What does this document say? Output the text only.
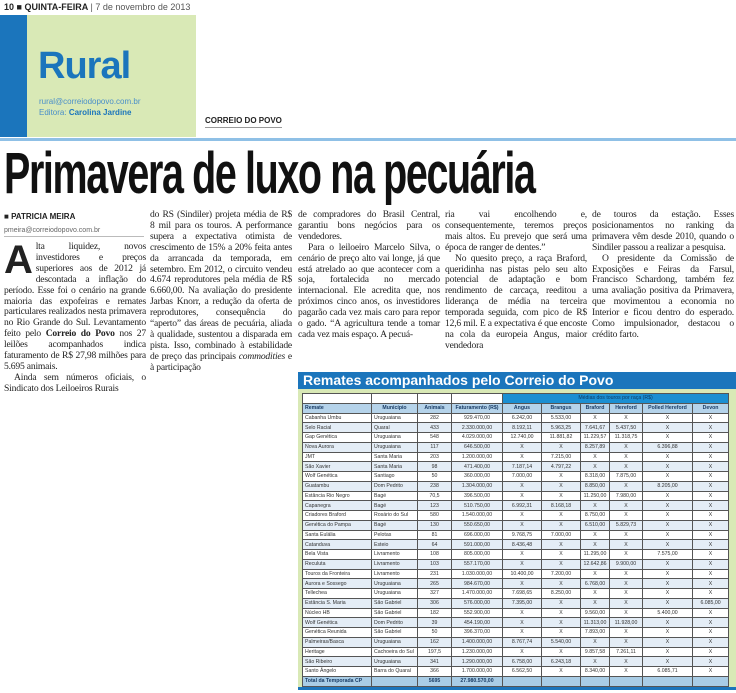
10 ■ QUINTA-FEIRA | 7 de novembro de 2013
Rural
rural@correiodopovo.com.br
Editora: Carolina Jardine
CORREIO DO POVO
Primavera de luxo na pecuária
■ PATRICIA MEIRA
pmeira@correiodopovo.com.br

Alta liquidez, novos investidores e preços superiores aos de 2012 já descontada a inflação do período. Esse foi o cenário na grande maioria das expofeiras e remates particulares realizados nesta primavera no Rio Grande do Sul. Levantamento feito pelo Correio do Povo nos 27 leilões acompanhados indica faturamento de R$ 27,98 milhões para 5.695 animais.

Ainda sem números oficiais, o Sindicato dos Leiloeiros Rurais

do RS (Sindiler) projeta média de R$ 8 mil para os touros. A performance supera a expectativa otimista de crescimento de 15% a 20% feita antes da arrancada da temporada, em setembro. Em 2012, o circuito vendeu 4.674 reprodutores pela média de R$ 6.660,00. Na avaliação do presidente Jarbas Knorr, a redução da oferta de reprodutores, consequência do “aperto” das áreas de pecuária, aliada à qualidade, sustentou a disparada em pista. Isso, combinado à estabilidade de preço das principais commodities e à participação

de compradores do Brasil Central, garantiu bons negócios para os vendedores.

Para o leiloeiro Marcelo Silva, o cenário de preço alto vai longe, já que está atrelado ao que acontecer com a soja, fortalecida no mercado internacional. Ele acredita que, nos próximos cinco anos, os investidores pagarão cada vez mais caro para repor o gado. “A agricultura tende a tomar cada vez mais espaço. A pecuá-

ria vai encolhendo e, consequentemente, teremos preços mais altos. Eu prevejo que será uma época de ranger de dentes.”

No quesito preço, a raça Braford, queridinha nas pistas pelo seu alto potencial de adaptação e bom rendimento de carcaça, reeditou a liderança de média na terceira temporada seguida, com pico de R$ 12,6 mil. E a expectativa é que encoste na cola da europeia Angus, maior vendedora

de touros da estação. Esses posicionamentos no ranking da primavera vêm desde 2010, quando o Sindiler passou a realizar a pesquisa.

O presidente da Comissão de Exposições e Feiras da Farsul, Francisco Schardong, também fez uma avaliação positiva da Primavera, que movimentou a economia no Interior e ficou dentro do esperado. Como impulsionador, destacou o crédito farto.

Remates acompanhados pelo Correio do Povo
				Médias dos touros por raça (R$)					
Remate	Município	Animais	Faturamento (R$)	Angus	Brangus	Braford	Hereford	Polled Hereford	Devon
Cabanha Umbu	Uruguaiana	282	929.470,00	6.242,00	5.533,00	X	X	X	X
Selo Racial	Quaraí	433	2.330.000,00	8.192,11	5.963,25	7.641,67	5.437,50	X	X
Gap Genética	Uruguaiana	548	4.029.000,00	12.740,00	11.881,82	11.229,57	11.318,75	X	X
Nova Aurora	Uruguaiana	117	646.500,00	X	X	8.257,89	X	6.396,88	X
JMT	Santa Maria	203	1.200.000,00	X	7.215,00	X	X	X	X
São Xavier	Santa Maria	98	471.400,00	7.187,14	4.797,22	X	X	X	X
Wolf Genética	Santiago	50	360.000,00	7.000,00	X	8.318,00	7.875,00	X	X
Guatambu	Dom Pedrito	238	1.304.000,00	X	X	8.850,00	X	8.205,00	X
Estância Rio Negro	Bagé	70,5	396.500,00	X	X	11.250,00	7.980,00	X	X
Capanegra	Bagé	123	510.750,00	6.992,31	8.168,18	X	X	X	X
Criadores Braford	Rosário do Sul	580	1.540.000,00	X	X	8.750,00	X	X	X
Genética do Pampa	Bagé	130	550.650,00	X	X	6.510,00	5.829,73	X	X
Santa Eulália	Pelotas	81	696.000,00	9.768,75	7.000,00	X	X	X	X
Catanduva	Esteio	64	591.000,00	8.436,48	X	X	X	X	X
Bela Vista	Livramento	108	805.000,00	X	X	11.295,00	X	7.575,00	X
Reculuta	Livramento	103	557.170,00	X	X	12.642,86	9.900,00	X	X
Touros da Fronteira	Livramento	231	1.030.000,00	10.400,00	7.200,00	X	X	X	X
Aurora e Sossego	Uruguaiana	265	984.670,00	X	X	6.768,00	X	X	X
Tellechea	Uruguaiana	327	1.470.000,00	7.698,65	8.250,00	X	X	X	X
Estância S. Maria	São Gabriel	306	576.000,00	7.395,00	X	X	X	X	6.085,00
Núcleo HB	São Gabriel	182	552.900,00	X	X	9.560,00	X	5.400,00	X
Wolf Genética	Dom Pedrito	39	454.190,00	X	X	11.313,00	11.928,00	X	X
Genética Reunida	São Gabriel	50	396.370,00	X	X	7.893,00	X	X	X
Palmeiras/Basca	Uruguaiana	162	1.400.000,00	8.767,74	5.540,00	X	X	X	X
Heritage	Cachoeira do Sul	197,5	1.230.000,00	X	X	9.857,58	7.261,11	X	X
São Ribeiro	Uruguaiana	341	1.290.000,00	6.758,00	6.243,18	X	X	X	X
Santo Ângelo	Barra do Quaraí	366	1.700.000,00	6.562,50	X	8.340,00	X	6.085,71	X
Total da Temporada CP		5695	27.980.570,00						
